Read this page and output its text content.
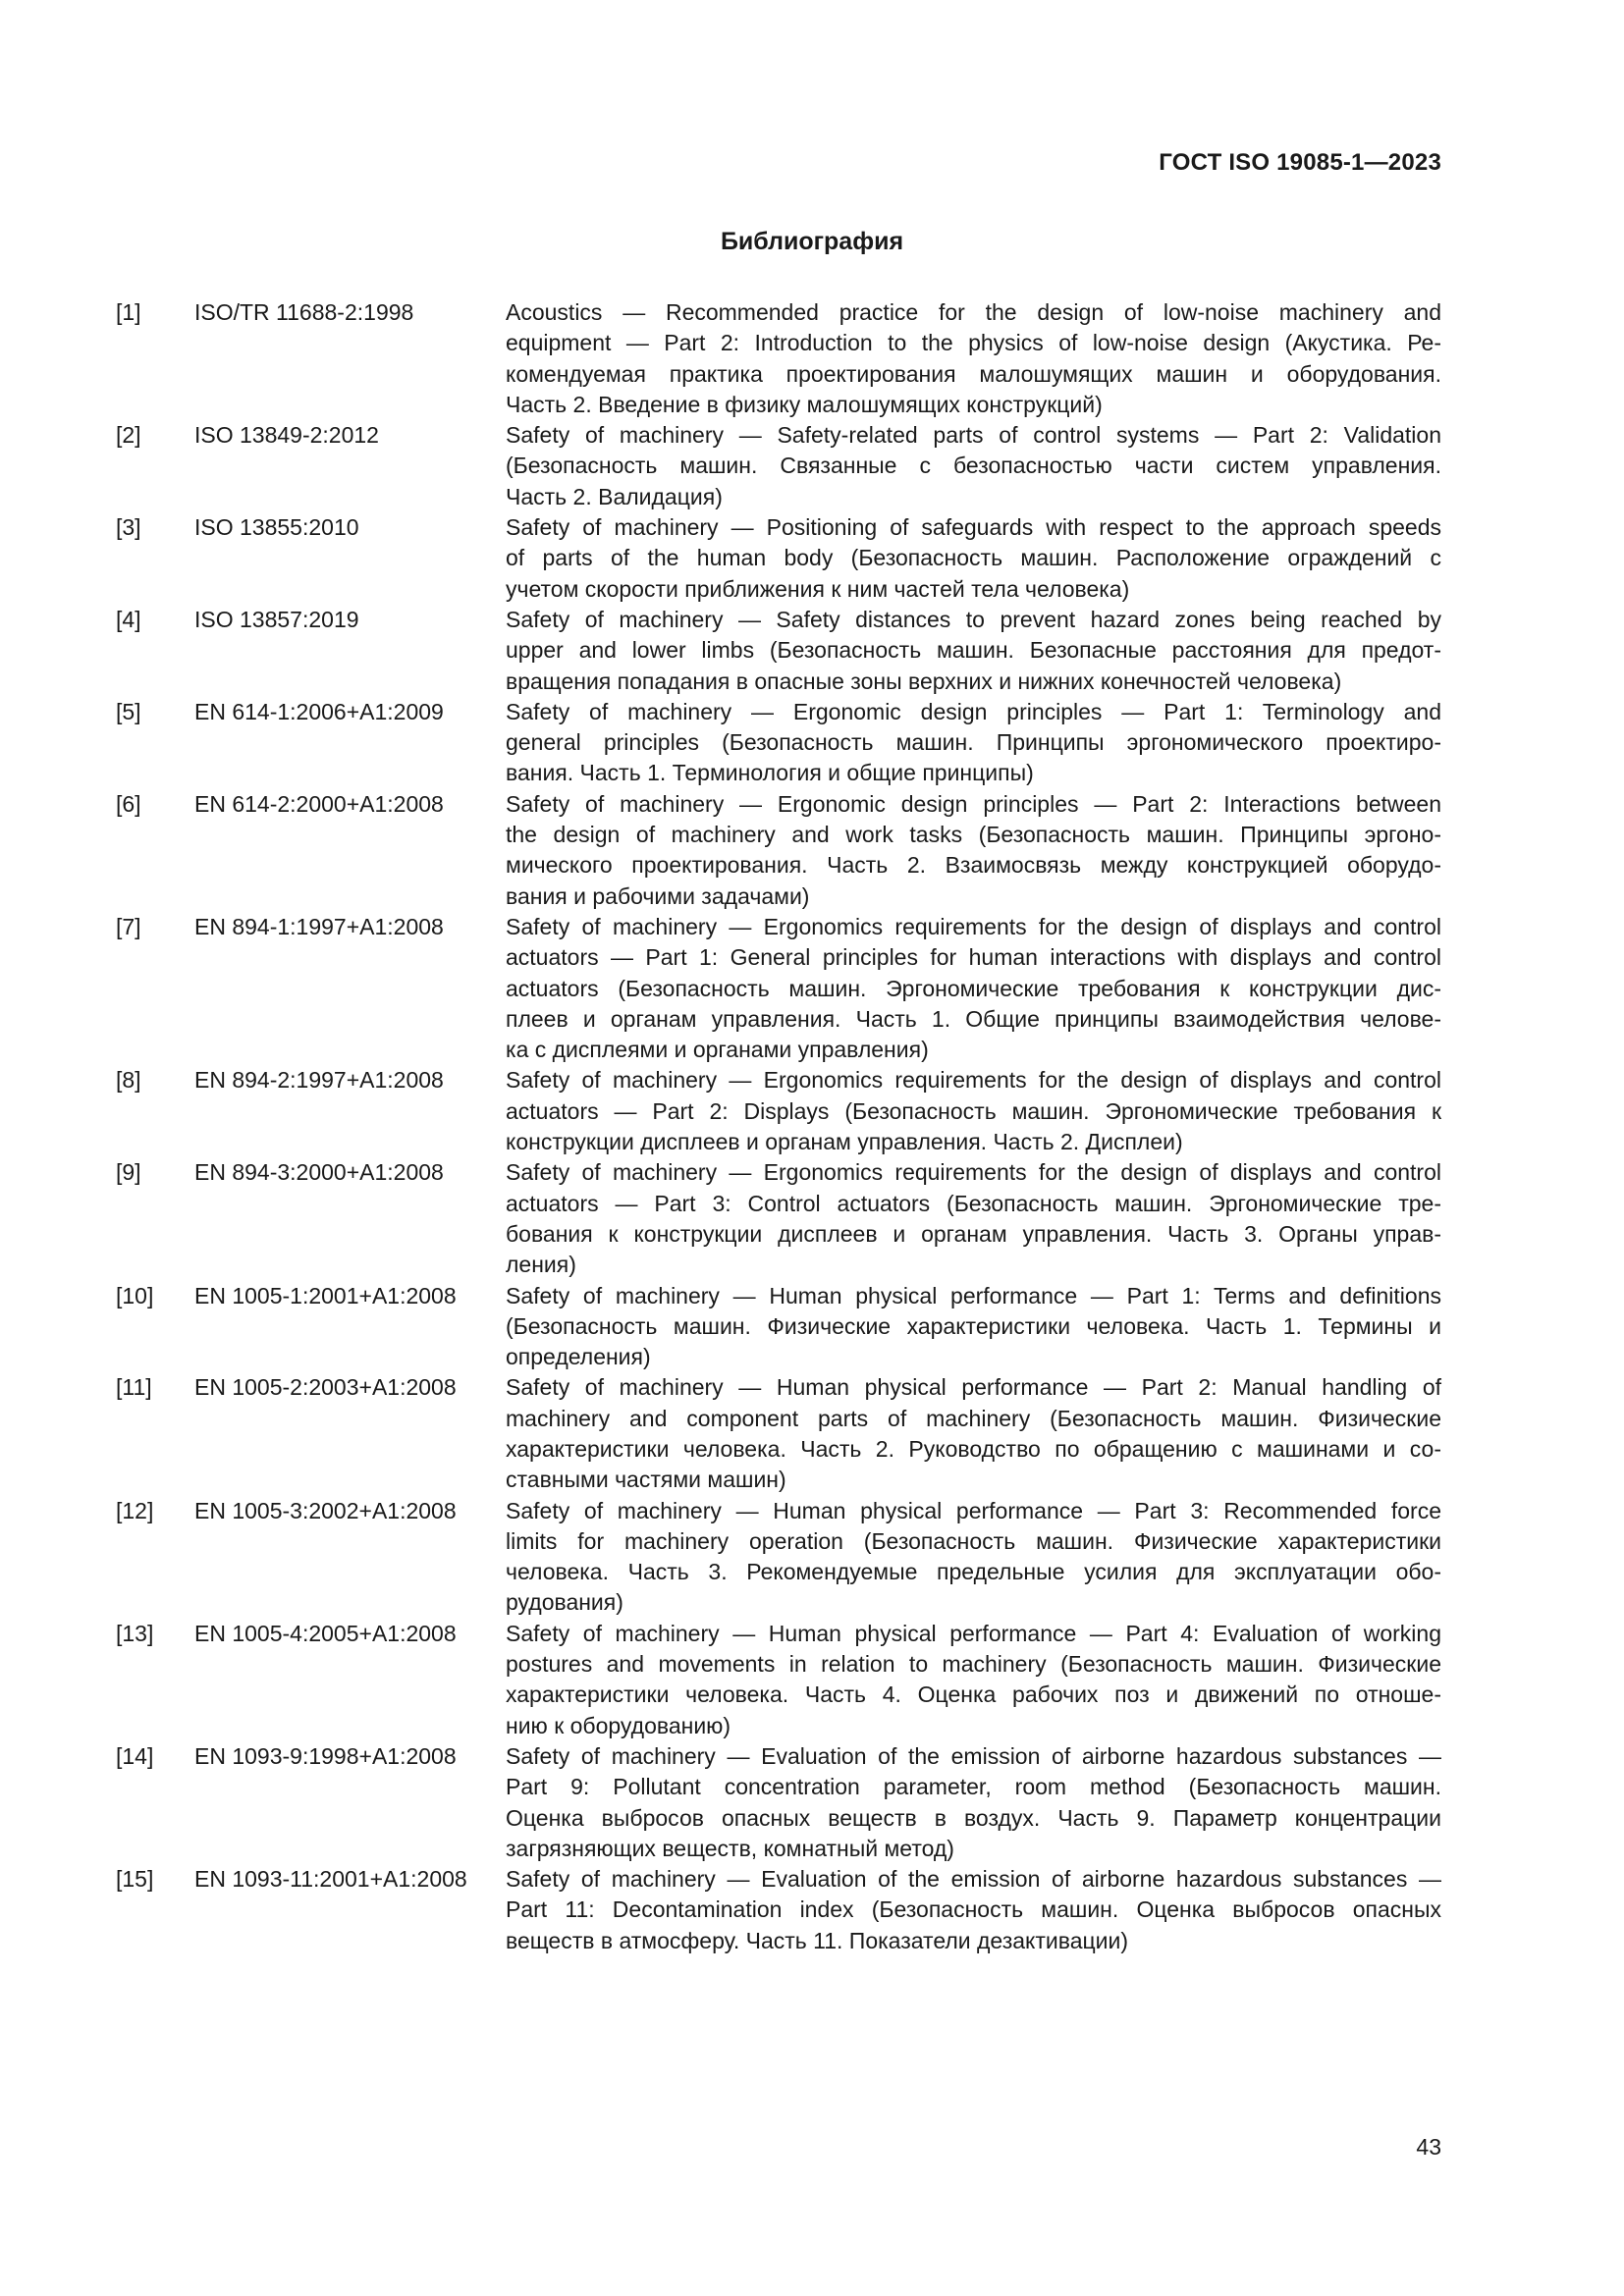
ГОСТ ISO 19085-1—2023
Библиография
[1]	ISO/TR 11688-2:1998	Acoustics — Recommended practice for the design of low-noise machinery and
equipment — Part 2: Introduction to the physics of low-noise design (Акустика. Ре-
комендуемая практика проектирования малошумящих машин и оборудования.
Часть 2. Введение в физику малошумящих конструкций)
[2]	ISO 13849-2:2012	Safety of machinery — Safety-related parts of control systems — Part 2: Validation
(Безопасность машин. Связанные с безопасностью части систем управления.
Часть 2. Валидация)
[3]	ISO 13855:2010	Safety of machinery — Positioning of safeguards with respect to the approach speeds
of parts of the human body (Безопасность машин. Расположение ограждений с
учетом скорости приближения к ним частей тела человека)
[4]	ISO 13857:2019	Safety of machinery — Safety distances to prevent hazard zones being reached by
upper and lower limbs (Безопасность машин. Безопасные расстояния для предот-
вращения попадания в опасные зоны верхних и нижних конечностей человека)
[5]	EN 614-1:2006+A1:2009	Safety of machinery — Ergonomic design principles — Part 1: Terminology and
general principles (Безопасность машин. Принципы эргономического проектиро-
вания. Часть 1. Терминология и общие принципы)
[6]	EN 614-2:2000+A1:2008	Safety of machinery — Ergonomic design principles — Part 2: Interactions between
the design of machinery and work tasks (Безопасность машин. Принципы эргоно-
мического проектирования. Часть 2. Взаимосвязь между конструкцией оборудо-
вания и рабочими задачами)
[7]	EN 894-1:1997+A1:2008	Safety of machinery — Ergonomics requirements for the design of displays and control
actuators — Part 1: General principles for human interactions with displays and control
actuators (Безопасность машин. Эргономические требования к конструкции дис-
плеев и органам управления. Часть 1. Общие принципы взаимодействия челове-
ка с дисплеями и органами управления)
[8]	EN 894-2:1997+A1:2008	Safety of machinery — Ergonomics requirements for the design of displays and control
actuators — Part 2: Displays (Безопасность машин. Эргономические требования к
конструкции дисплеев и органам управления. Часть 2. Дисплеи)
[9]	EN 894-3:2000+A1:2008	Safety of machinery — Ergonomics requirements for the design of displays and control
actuators — Part 3: Control actuators (Безопасность машин. Эргономические тре-
бования к конструкции дисплеев и органам управления. Часть 3. Органы управ-
ления)
[10]	EN 1005-1:2001+A1:2008	Safety of machinery — Human physical performance — Part 1: Terms and definitions
(Безопасность машин. Физические характеристики человека. Часть 1. Термины и
определения)
[11]	EN 1005-2:2003+A1:2008	Safety of machinery — Human physical performance — Part 2: Manual handling of
machinery and component parts of machinery (Безопасность машин. Физические
характеристики человека. Часть 2. Руководство по обращению с машинами и со-
ставными частями машин)
[12]	EN 1005-3:2002+A1:2008	Safety of machinery — Human physical performance — Part 3: Recommended force
limits for machinery operation (Безопасность машин. Физические характеристики
человека. Часть 3. Рекомендуемые предельные усилия для эксплуатации обо-
рудования)
[13]	EN 1005-4:2005+A1:2008	Safety of machinery — Human physical performance — Part 4: Evaluation of working
postures and movements in relation to machinery (Безопасность машин. Физические
характеристики человека. Часть 4. Оценка рабочих поз и движений по отноше-
нию к оборудованию)
[14]	EN 1093-9:1998+A1:2008	Safety of machinery — Evaluation of the emission of airborne hazardous substances —
Part 9: Pollutant concentration parameter, room method (Безопасность машин.
Оценка выбросов опасных веществ в воздух. Часть 9. Параметр концентрации
загрязняющих веществ, комнатный метод)
[15]	EN 1093-11:2001+A1:2008	Safety of machinery — Evaluation of the emission of airborne hazardous substances —
Part 11: Decontamination index (Безопасность машин. Оценка выбросов опасных
веществ в атмосферу. Часть 11. Показатели дезактивации)
43
